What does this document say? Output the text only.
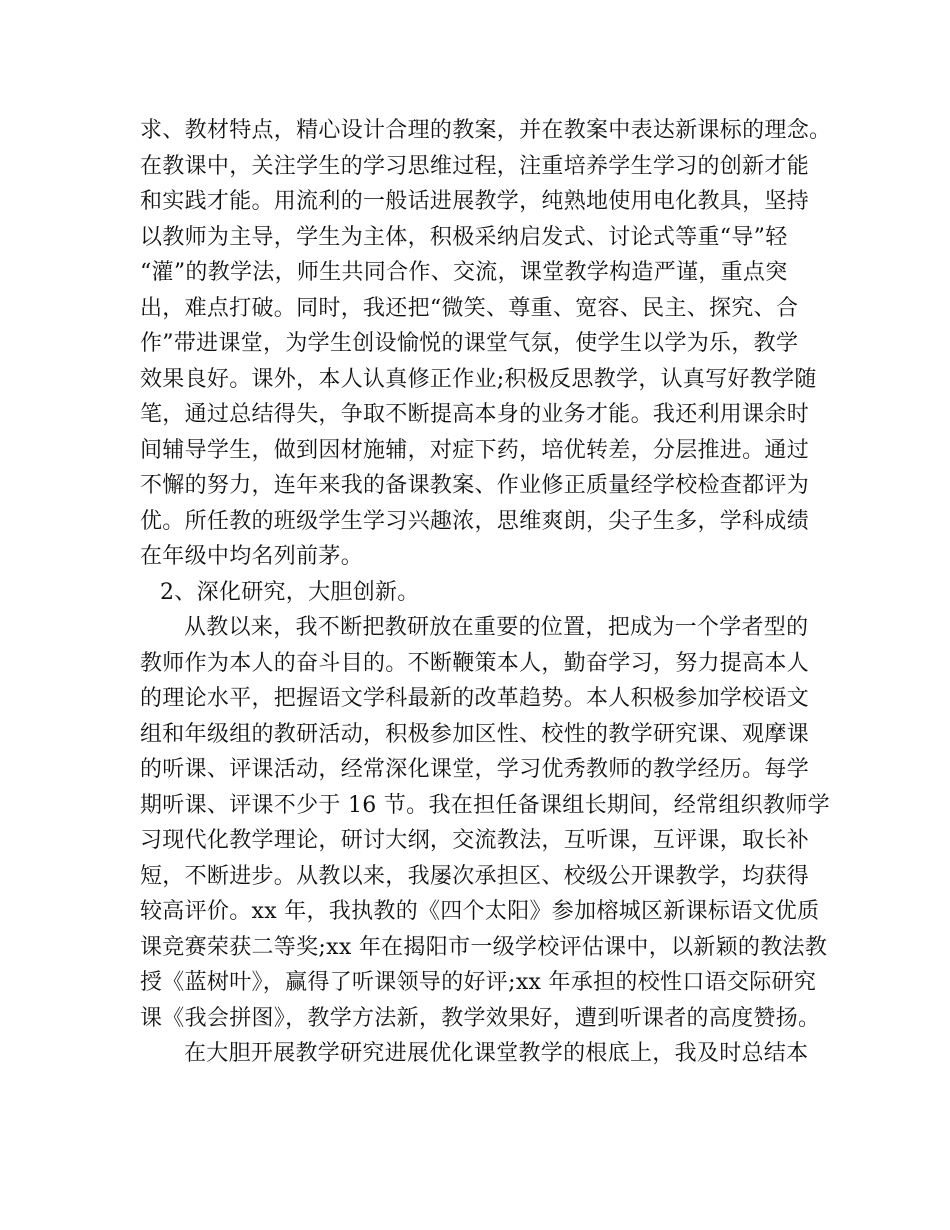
求、教材特点，精心设计合理的教案，并在教案中表达新课标的理念。
在教课中，关注学生的学习思维过程，注重培养学生学习的创新才能
和实践才能。用流利的一般话进展教学，纯熟地使用电化教具，坚持
以教师为主导，学生为主体，积极采纳启发式、讨论式等重“导”轻
“灌”的教学法，师生共同合作、交流，课堂教学构造严谨，重点突
出，难点打破。同时，我还把“微笑、尊重、宽容、民主、探究、合
作”带进课堂，为学生创设愉悦的课堂气氛，使学生以学为乐，教学
效果良好。课外，本人认真修正作业;积极反思教学，认真写好教学随
笔，通过总结得失，争取不断提高本身的业务才能。我还利用课余时
间辅导学生，做到因材施辅，对症下药，培优转差，分层推进。通过
不懈的努力，连年来我的备课教案、作业修正质量经学校检查都评为
优。所任教的班级学生学习兴趣浓，思维爽朗，尖子生多，学科成绩
在年级中均名列前茅。
2、深化研究，大胆创新。
从教以来，我不断把教研放在重要的位置，把成为一个学者型的
教师作为本人的奋斗目的。不断鞭策本人，勤奋学习，努力提高本人
的理论水平，把握语文学科最新的改革趋势。本人积极参加学校语文
组和年级组的教研活动，积极参加区性、校性的教学研究课、观摩课
的听课、评课活动，经常深化课堂，学习优秀教师的教学经历。每学
期听课、评课不少于 16 节。我在担任备课组长期间，经常组织教师学
习现代化教学理论，研讨大纲，交流教法，互听课，互评课，取长补
短，不断进步。从教以来，我屡次承担区、校级公开课教学，均获得
较高评价。xx 年，我执教的《四个太阳》参加榕城区新课标语文优质
课竞赛荣获二等奖;xx 年在揭阳市一级学校评估课中，以新颖的教法教
授《蓝树叶》，赢得了听课领导的好评;xx 年承担的校性口语交际研究
课《我会拼图》，教学方法新，教学效果好，遭到听课者的高度赞扬。
在大胆开展教学研究进展优化课堂教学的根底上，我及时总结本
